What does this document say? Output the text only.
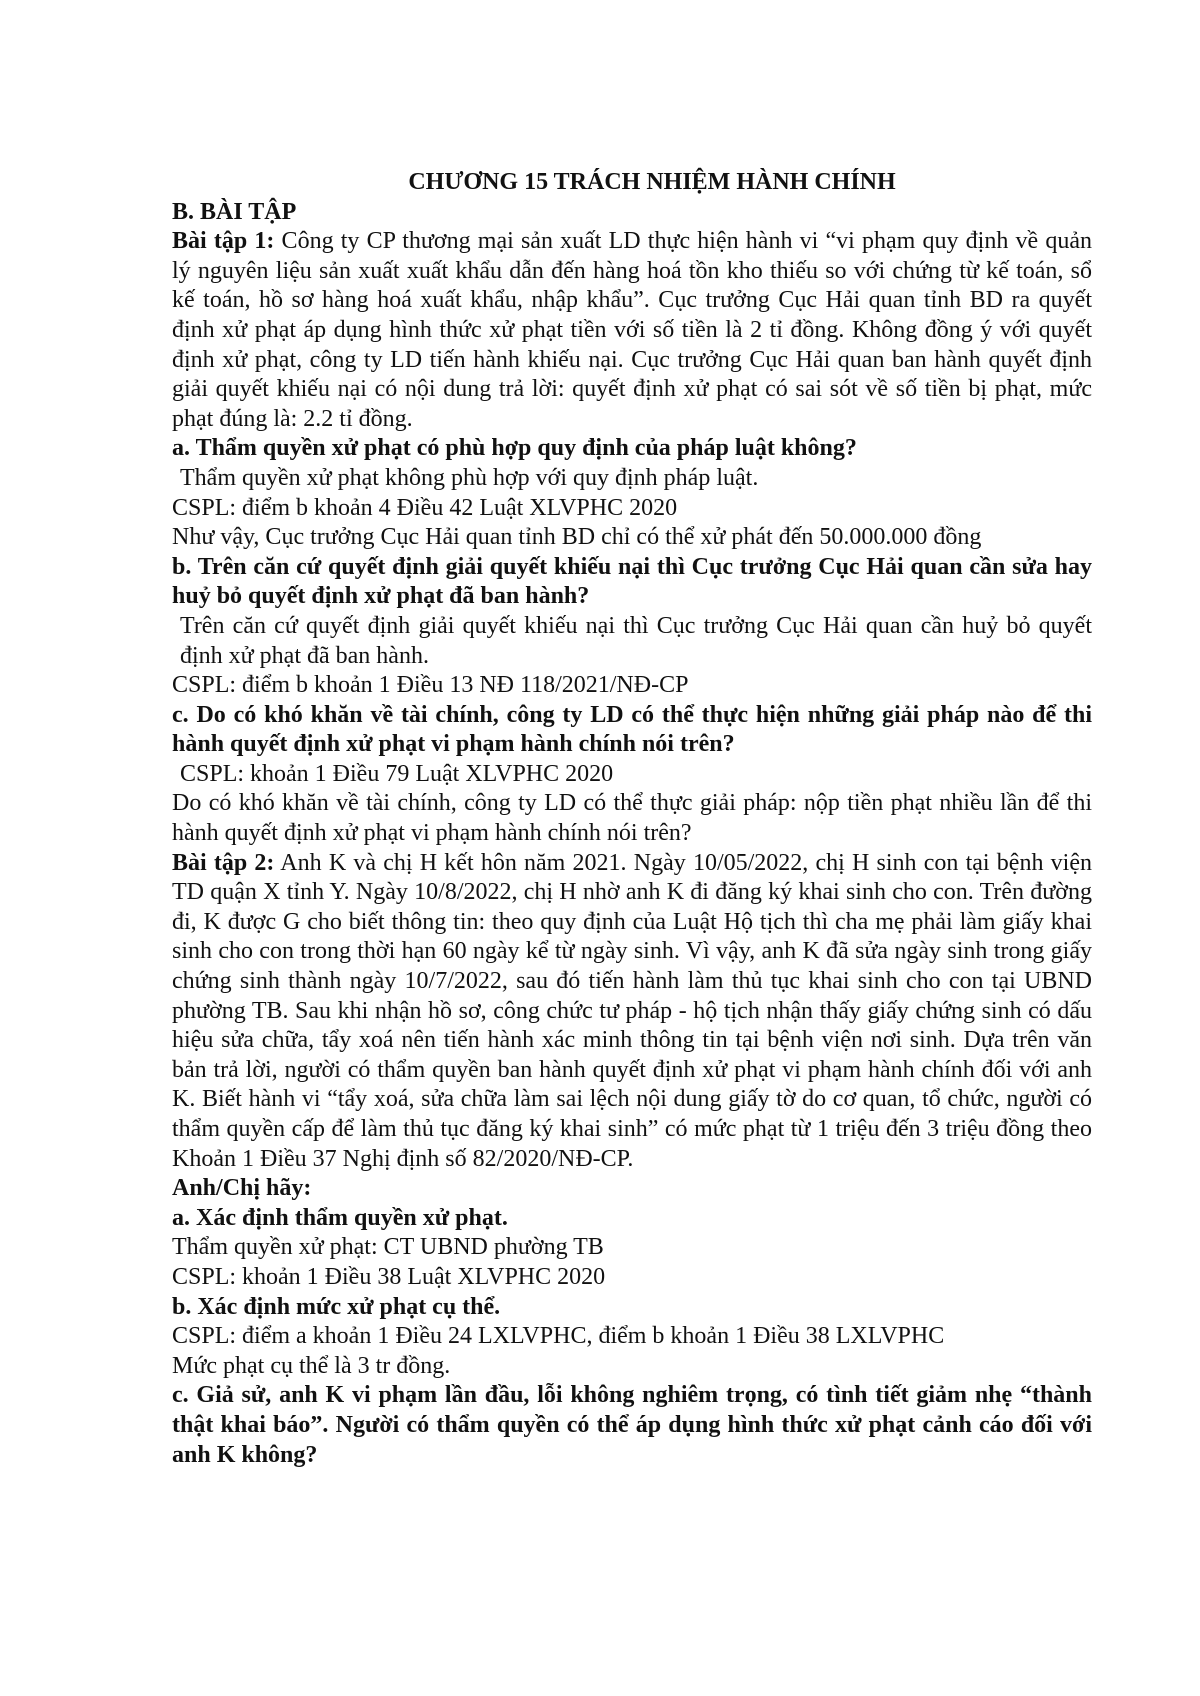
CHƯƠNG 15 TRÁCH NHIỆM HÀNH CHÍNH

B. BÀI TẬP

Bài tập 1: Công ty CP thương mại sản xuất LD thực hiện hành vi “vi phạm quy định về quản lý nguyên liệu sản xuất xuất khẩu dẫn đến hàng hoá tồn kho thiếu so với chứng từ kế toán, sổ kế toán, hồ sơ hàng hoá xuất khẩu, nhập khẩu”. Cục trưởng Cục Hải quan tỉnh BD ra quyết định xử phạt áp dụng hình thức xử phạt tiền với số tiền là 2 tỉ đồng. Không đồng ý với quyết định xử phạt, công ty LD tiến hành khiếu nại. Cục trưởng Cục Hải quan ban hành quyết định giải quyết khiếu nại có nội dung trả lời: quyết định xử phạt có sai sót về số tiền bị phạt, mức phạt đúng là: 2.2 tỉ đồng.

a. Thẩm quyền xử phạt có phù hợp quy định của pháp luật không?

Thẩm quyền xử phạt không phù hợp với quy định pháp luật.

CSPL: điểm b khoản 4 Điều 42 Luật XLVPHC 2020

Như vậy, Cục trưởng Cục Hải quan tỉnh BD chỉ có thể xử phát đến 50.000.000 đồng

b. Trên căn cứ quyết định giải quyết khiếu nại thì Cục trưởng Cục Hải quan cần sửa hay huỷ bỏ quyết định xử phạt đã ban hành?

Trên căn cứ quyết định giải quyết khiếu nại thì Cục trưởng Cục Hải quan cần huỷ bỏ quyết định xử phạt đã ban hành.

CSPL: điểm b khoản 1 Điều 13 NĐ 118/2021/NĐ-CP

c. Do có khó khăn về tài chính, công ty LD có thể thực hiện những giải pháp nào để thi hành quyết định xử phạt vi phạm hành chính nói trên?

CSPL: khoản 1 Điều 79 Luật XLVPHC 2020

Do có khó khăn về tài chính, công ty LD có thể thực giải pháp: nộp tiền phạt nhiều lần để thi hành quyết định xử phạt vi phạm hành chính nói trên?

Bài tập 2: Anh K và chị H kết hôn năm 2021. Ngày 10/05/2022, chị H sinh con tại bệnh viện TD quận X tỉnh Y. Ngày 10/8/2022, chị H nhờ anh K đi đăng ký khai sinh cho con. Trên đường đi, K được G cho biết thông tin: theo quy định của Luật Hộ tịch thì cha mẹ phải làm giấy khai sinh cho con trong thời hạn 60 ngày kể từ ngày sinh. Vì vậy, anh K đã sửa ngày sinh trong giấy chứng sinh thành ngày 10/7/2022, sau đó tiến hành làm thủ tục khai sinh cho con tại UBND phường TB. Sau khi nhận hồ sơ, công chức tư pháp - hộ tịch nhận thấy giấy chứng sinh có dấu hiệu sửa chữa, tẩy xoá nên tiến hành xác minh thông tin tại bệnh viện nơi sinh. Dựa trên văn bản trả lời, người có thẩm quyền ban hành quyết định xử phạt vi phạm hành chính đối với anh K. Biết hành vi “tẩy xoá, sửa chữa làm sai lệch nội dung giấy tờ do cơ quan, tổ chức, người có thẩm quyền cấp để làm thủ tục đăng ký khai sinh” có mức phạt từ 1 triệu đến 3 triệu đồng theo Khoản 1 Điều 37 Nghị định số 82/2020/NĐ-CP.

Anh/Chị hãy:

a. Xác định thẩm quyền xử phạt.

Thẩm quyền xử phạt: CT UBND phường TB

CSPL: khoản 1 Điều 38 Luật XLVPHC 2020

b. Xác định mức xử phạt cụ thể.

CSPL: điểm a khoản 1 Điều 24 LXLVPHC, điểm b khoản 1 Điều 38 LXLVPHC

Mức phạt cụ thể là 3 tr đồng.

c. Giả sử, anh K vi phạm lần đầu, lỗi không nghiêm trọng, có tình tiết giảm nhẹ “thành thật khai báo”. Người có thẩm quyền có thể áp dụng hình thức xử phạt cảnh cáo đối với anh K không?
